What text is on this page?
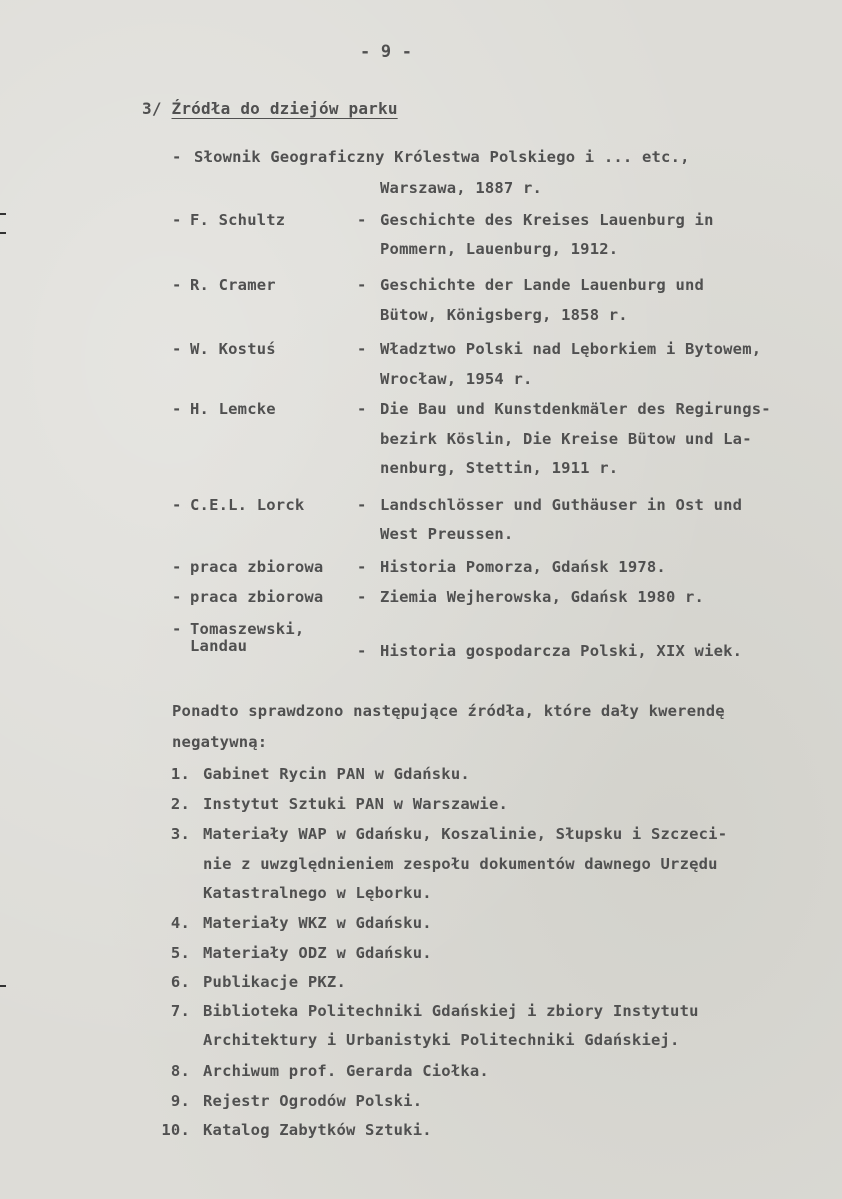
- 9 -
3/ Źródła do dziejów parku
- Słownik Geograficzny Królestwa Polskiego i ... etc.,
Warszawa, 1887 r.
- F. Schultz	- Geschichte des Kreises Lauenburg in
Pommern, Lauenburg, 1912.
- R. Cramer	- Geschichte der Lande Lauenburg und
Bütow, Königsberg, 1858 r.
- W. Kostuś	- Władztwo Polski nad Lęborkiem i Bytowem,
Wrocław, 1954 r.
- H. Lemcke	- Die Bau und Kunstdenkmäler des Regirungs-
bezirk Köslin, Die Kreise Bütow und La-
nenburg, Stettin, 1911 r.
- C.E.L. Lorck	- Landschlösser und Guthäuser in Ost und
West Preussen.
- praca zbiorowa - Historia Pomorza, Gdańsk 1978.
- praca zbiorowa - Ziemia Wejherowska, Gdańsk 1980 r.
- Tomaszewski,
Landau	- Historia gospodarcza Polski, XIX wiek.
Ponadto sprawdzono następujące źródła, które dały kwerendę
negatywną:
1. Gabinet Rycin PAN w Gdańsku.
2. Instytut Sztuki PAN w Warszawie.
3. Materiały WAP w Gdańsku, Koszalinie, Słupsku i Szczeci-
nie z uwzględnieniem zespołu dokumentów dawnego Urzędu
Katastralnego w Lęborku.
4. Materiały WKZ w Gdańsku.
5. Materiały ODZ w Gdańsku.
6. Publikacje PKZ.
7. Biblioteka Politechniki Gdańskiej i zbiory Instytutu
Architektury i Urbanistyki Politechniki Gdańskiej.
8. Archiwum prof. Gerarda Ciołka.
9. Rejestr Ogrodów Polski.
10. Katalog Zabytków Sztuki.
